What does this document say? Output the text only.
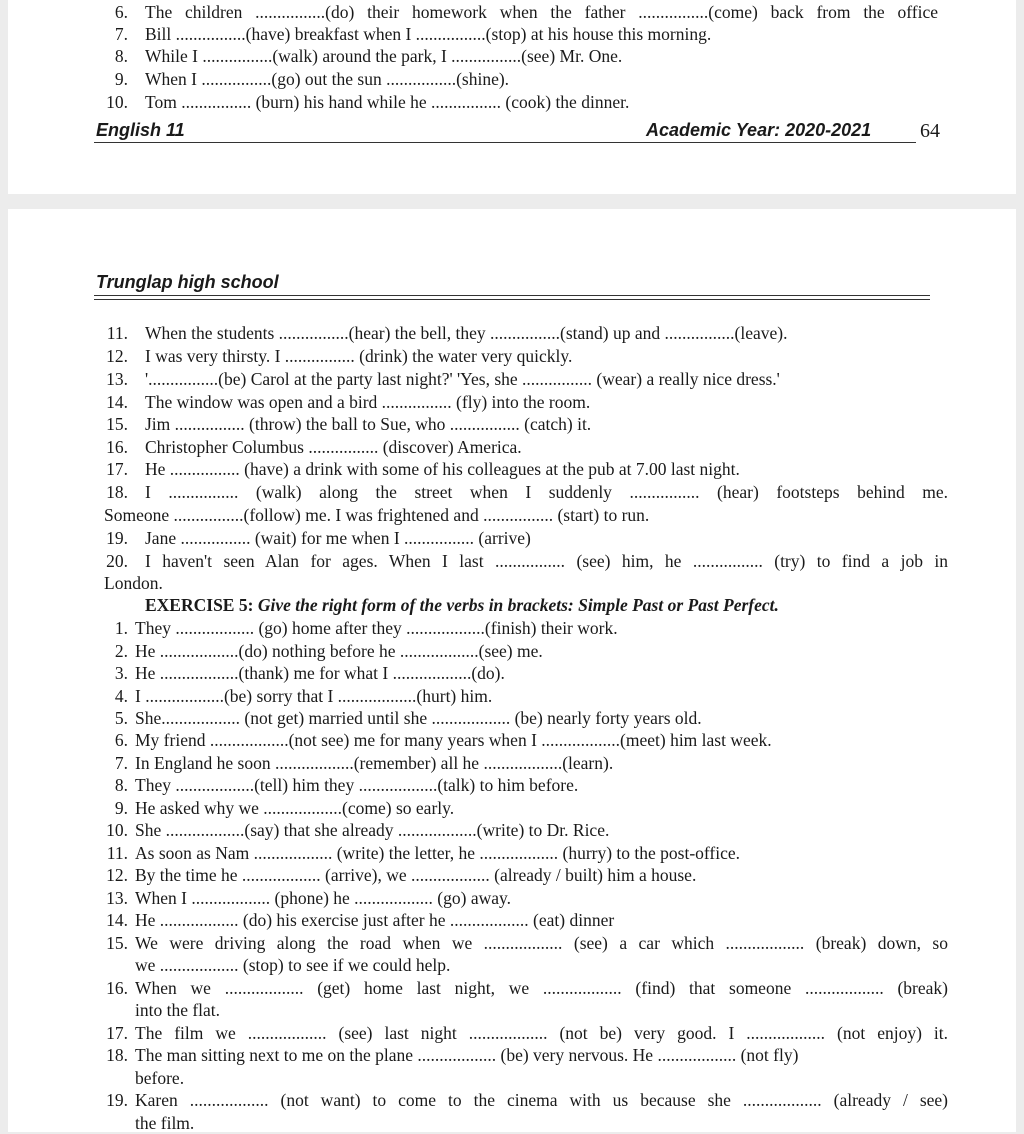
6. The children ................(do) their homework when the father ................(come) back from the office
7. Bill ................(have) breakfast when I ................(stop) at his house this morning.
8. While I ................(walk) around the park, I ................(see) Mr. One.
9. When I ................(go) out the sun ................(shine).
10. Tom ................ (burn) his hand while he ................ (cook) the dinner.
English 11	Academic Year: 2020-2021 64
Trunglap high school
11. When the students ................(hear) the bell, they ................(stand) up and ................(leave).
12. I was very thirsty. I ................ (drink) the water very quickly.
13. '................(be) Carol at the party last night?' 'Yes, she ................ (wear) a really nice dress.'
14. The window was open and a bird ................ (fly) into the room.
15. Jim ................ (throw) the ball to Sue, who ................ (catch) it.
16. Christopher Columbus ................ (discover) America.
17. He ................ (have) a drink with some of his colleagues at the pub at 7.00 last night.
18. I ................ (walk) along the street when I suddenly ................ (hear) footsteps behind me.
Someone ................(follow) me. I was frightened and ................ (start) to run.
19. Jane ................ (wait) for me when I ................ (arrive)
20. I haven't seen Alan for ages. When I last ................ (see) him, he ................ (try) to find a job in
London.
EXERCISE 5: Give the right form of the verbs in brackets: Simple Past or Past Perfect.
1. They .................. (go) home after they ..................(finish) their work.
2. He ..................(do) nothing before he ..................(see) me.
3. He ..................(thank) me for what I ..................(do).
4. I ..................(be) sorry that I ..................(hurt) him.
5. She.................. (not get) married until she .................. (be) nearly forty years old.
6. My friend ..................(not see) me for many years when I ..................(meet) him last week.
7. In England he soon ..................(remember) all he ..................(learn).
8. They ..................(tell) him they ..................(talk) to him before.
9. He asked why we ..................(come) so early.
10. She ..................(say) that she already ..................(write) to Dr. Rice.
11. As soon as Nam .................. (write) the letter, he .................. (hurry) to the post-office.
12. By the time he .................. (arrive), we .................. (already / built) him a house.
13. When I .................. (phone) he .................. (go) away.
14. He .................. (do) his exercise just after he .................. (eat) dinner
15. We were driving along the road when we .................. (see) a car which .................. (break) down, so
we .................. (stop) to see if we could help.
16. When we .................. (get) home last night, we .................. (find) that someone .................. (break)
into the flat.
17. The film we .................. (see) last night .................. (not be) very good. I .................. (not enjoy) it.
18. The man sitting next to me on the plane .................. (be) very nervous. He .................. (not fly)
before.
19. Karen .................. (not want) to come to the cinema with us because she .................. (already / see)
the film.
